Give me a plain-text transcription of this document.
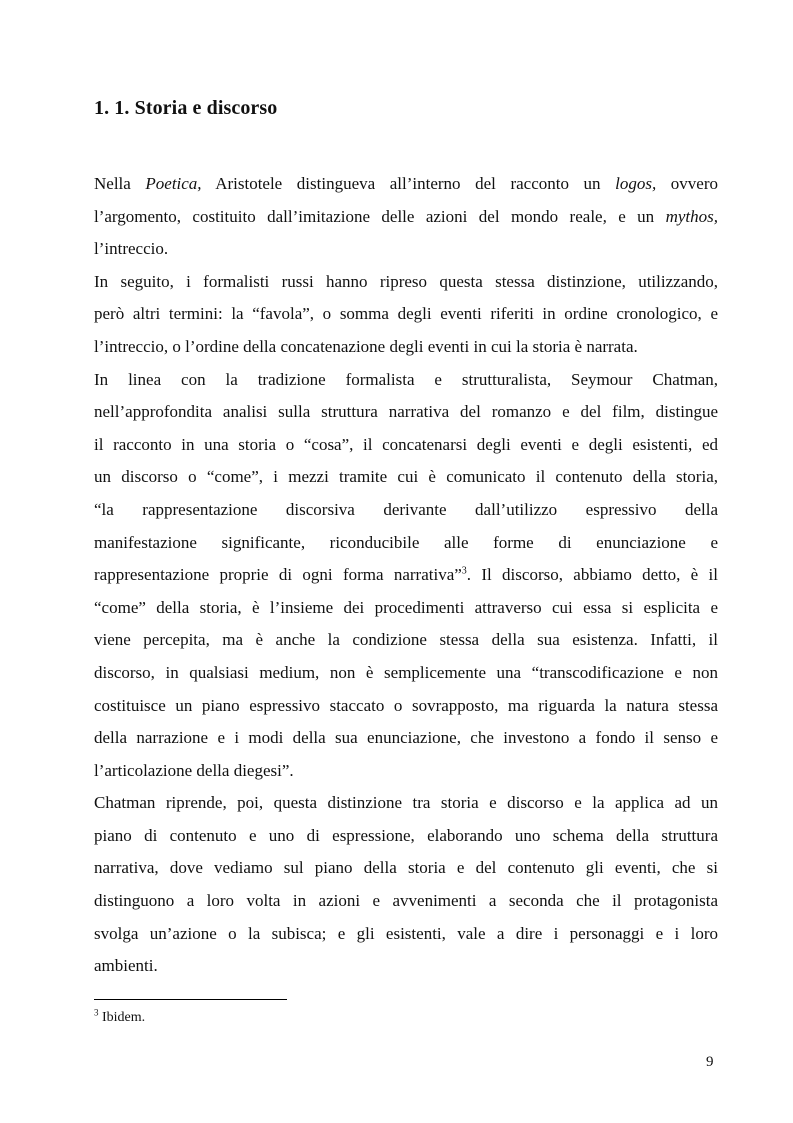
1. 1. Storia e discorso
Nella Poetica, Aristotele distingueva all’interno del racconto un logos, ovvero
l’argomento, costituito dall’imitazione delle azioni del mondo reale, e un mythos,
l’intreccio.
In seguito, i formalisti russi hanno ripreso questa stessa distinzione, utilizzando,
però altri termini: la “favola”, o somma degli eventi riferiti in ordine cronologico, e
l’intreccio, o l’ordine della concatenazione degli eventi in cui la storia è narrata.
In linea con la tradizione formalista e strutturalista, Seymour Chatman,
nell’approfondita analisi sulla struttura narrativa del romanzo e del film, distingue
il racconto in una storia o “cosa”, il concatenarsi degli eventi e degli esistenti, ed
un discorso o “come”, i mezzi tramite cui è comunicato il contenuto della storia,
“la rappresentazione discorsiva derivante dall’utilizzo espressivo della
manifestazione significante, riconducibile alle forme di enunciazione e
rappresentazione proprie di ogni forma narrativa”$^3$. Il discorso, abbiamo detto, è il
“come” della storia, è l’insieme dei procedimenti attraverso cui essa si esplicita e
viene percepita, ma è anche la condizione stessa della sua esistenza. Infatti, il
discorso, in qualsiasi medium, non è semplicemente una “transcodificazione e non
costituisce un piano espressivo staccato o sovrapposto, ma riguarda la natura stessa
della narrazione e i modi della sua enunciazione, che investono a fondo il senso e
l’articolazione della diegesi”.
Chatman riprende, poi, questa distinzione tra storia e discorso e la applica ad un
piano di contenuto e uno di espressione, elaborando uno schema della struttura
narrativa, dove vediamo sul piano della storia e del contenuto gli eventi, che si
distinguono a loro volta in azioni e avvenimenti a seconda che il protagonista
svolga un’azione o la subisca; e gli esistenti, vale a dire i personaggi e i loro
ambienti.
$^3$ Ibidem.
9
